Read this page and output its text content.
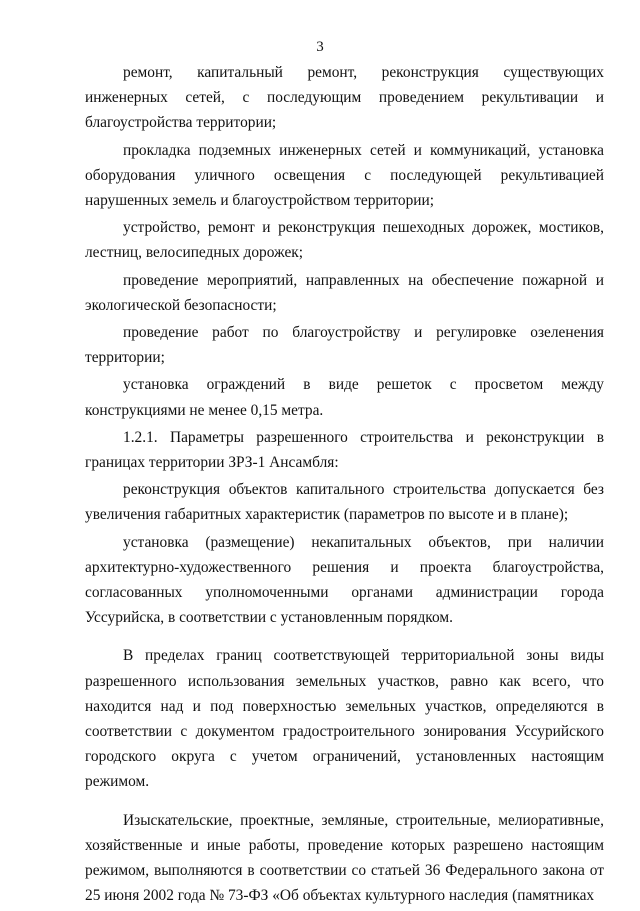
3

ремонт, капитальный ремонт, реконструкция существующих инженерных сетей, с последующим проведением рекультивации и благоустройства территории;

прокладка подземных инженерных сетей и коммуникаций, установка оборудования уличного освещения с последующей рекультивацией нарушенных земель и благоустройством территории;

устройство, ремонт и реконструкция пешеходных дорожек, мостиков, лестниц, велосипедных дорожек;

проведение мероприятий, направленных на обеспечение пожарной и экологической безопасности;

проведение работ по благоустройству и регулировке озеленения территории;

установка ограждений в виде решеток с просветом между конструкциями не менее 0,15 метра.

1.2.1. Параметры разрешенного строительства и реконструкции в границах территории ЗРЗ-1 Ансамбля:

реконструкция объектов капитального строительства допускается без увеличения габаритных характеристик (параметров по высоте и в плане);

установка (размещение) некапитальных объектов, при наличии архитектурно-художественного решения и проекта благоустройства, согласованных уполномоченными органами администрации города Уссурийска, в соответствии с установленным порядком.

В пределах границ соответствующей территориальной зоны виды разрешенного использования земельных участков, равно как всего, что находится над и под поверхностью земельных участков, определяются в соответствии с документом градостроительного зонирования Уссурийского городского округа с учетом ограничений, установленных настоящим режимом.

Изыскательские, проектные, земляные, строительные, мелиоративные, хозяйственные и иные работы, проведение которых разрешено настоящим режимом, выполняются в соответствии со статьей 36 Федерального закона от 25 июня 2002 года № 73-ФЗ «Об объектах культурного наследия (памятниках
